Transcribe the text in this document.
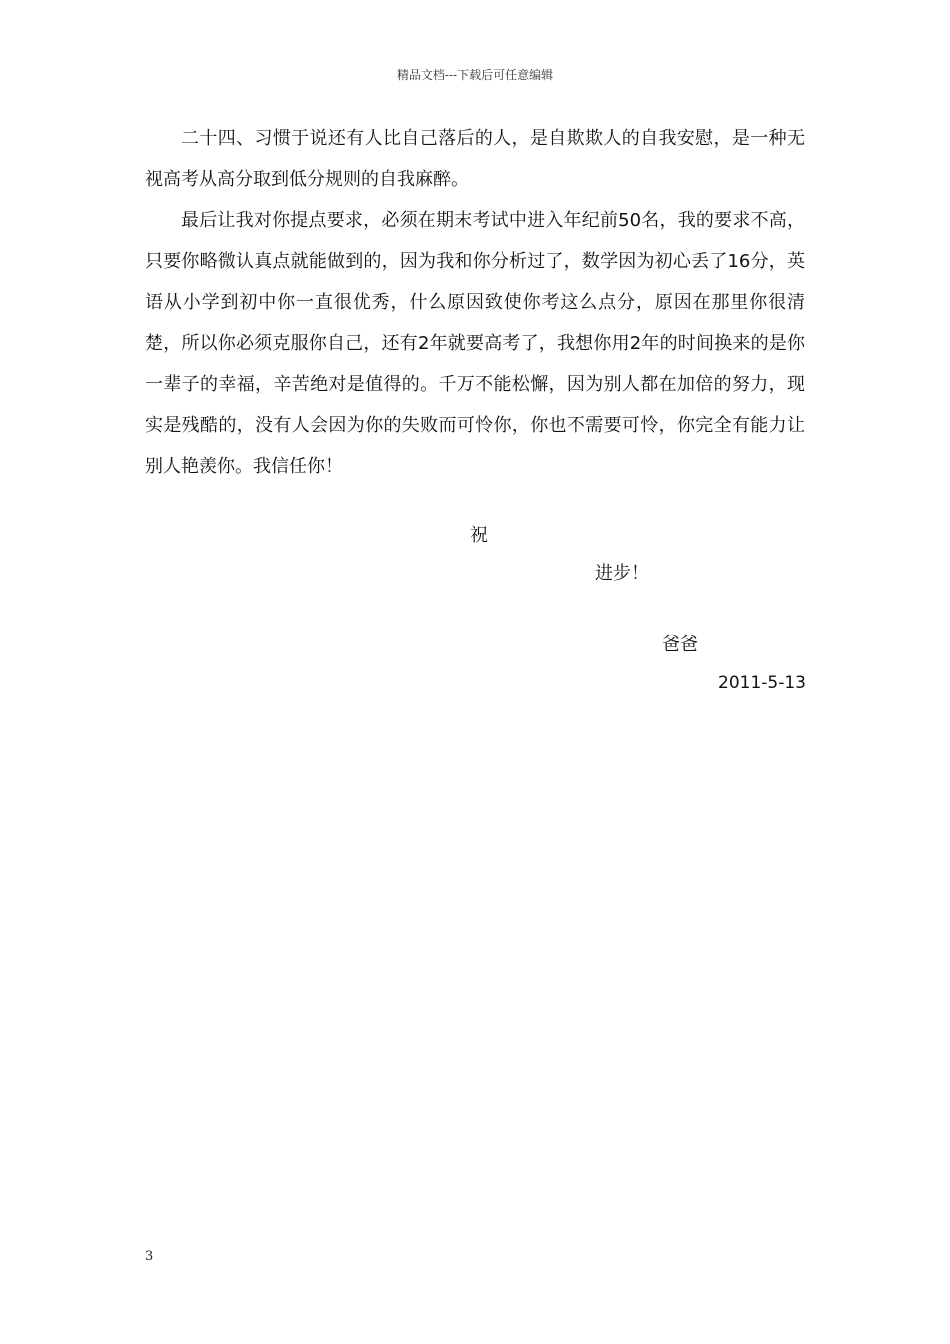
精品文档---下载后可任意编辑

二十四、习惯于说还有人比自己落后的人，是自欺欺人的自我安慰，是一种无视高考从高分取到低分规则的自我麻醉。

最后让我对你提点要求，必须在期末考试中进入年纪前50名，我的要求不高，只要你略微认真点就能做到的，因为我和你分析过了，数学因为初心丢了16分，英语从小学到初中你一直很优秀，什么原因致使你考这么点分，原因在那里你很清楚，所以你必须克服你自己，还有2年就要高考了，我想你用2年的时间换来的是你一辈子的幸福，辛苦绝对是值得的。千万不能松懈，因为别人都在加倍的努力，现实是残酷的，没有人会因为你的失败而可怜你，你也不需要可怜，你完全有能力让别人艳羡你。我信任你！

祝
进步！
爸爸
2011-5-13
3
